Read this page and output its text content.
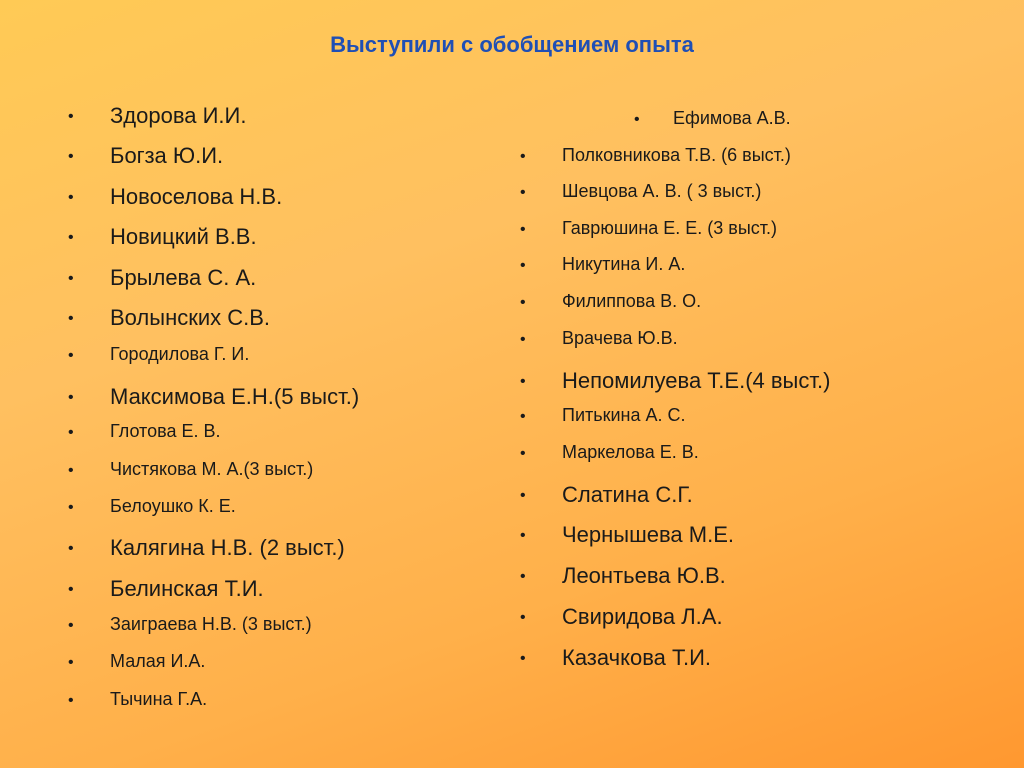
Выступили с обобщением опыта
• Здорова И.И.
• Богза Ю.И.
• Новоселова Н.В.
• Новицкий В.В.
• Брылева С. А.
• Волынских С.В.
• Городилова Г. И.
• Максимова Е.Н.(5 выст.)
• Глотова Е. В.
• Чистякова М. А.(3 выст.)
• Белоушко К. Е.
• Калягина Н.В. (2 выст.)
• Белинская Т.И.
• Заиграева Н.В. (3 выст.)
• Малая И.А.
• Тычина Г.А.
• Ефимова А.В.
• Полковникова Т.В. (6 выст.)
• Шевцова А. В. ( 3 выст.)
• Гаврюшина Е. Е. (3 выст.)
• Никутина И. А.
• Филиппова В. О.
• Врачева Ю.В.
• Непомилуева Т.Е.(4 выст.)
• Питькина А. С.
• Маркелова Е. В.
• Слатина С.Г.
• Чернышева М.Е.
• Леонтьева Ю.В.
• Свиридова Л.А.
• Казачкова Т.И.
